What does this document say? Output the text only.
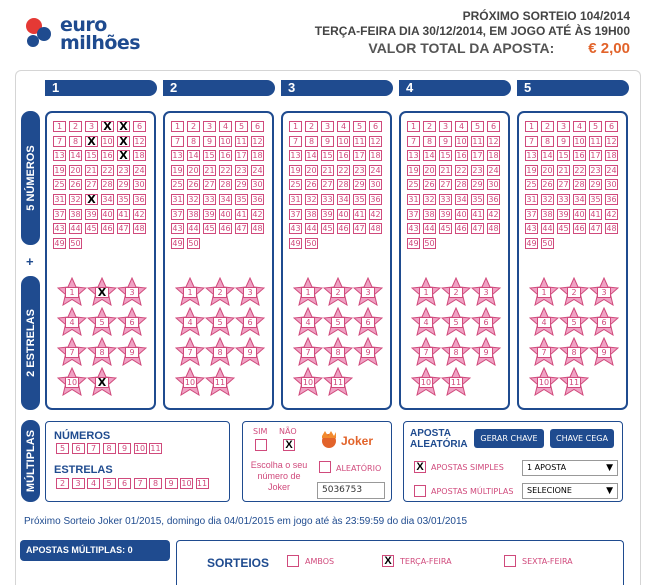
euro
milhões
PRÓXIMO SORTEIO 104/2014
TERÇA-FEIRA DIA 30/12/2014, EM JOGO ATÉ ÀS 19H00
VALOR TOTAL DA APOSTA: € 2,00
1	2	3	4	5
5 NÚMEROS
+
2 ESTRELAS
MÚLTIPLAS
1	2	3 X X	6
7	8 X 10 X 12
13 14 15 16 X 18
19 20 21 22 23 24
25 26 27 28 29 30
31 32 X 34 35 36
37 38 39 40 41 42
43 44 45 46 47 48
49 50
1	X	3
4	5	6
7	8	9
10 X
1	2	3	4	5	6
7	8	9	10 11 12
13 14 15 16 17 18
19 20 21 22 23 24
25 26 27 28 29 30
31 32 33 34 35 36
37 38 39 40 41 42
43 44 45 46 47 48
49 50
1	2	3
4	5	6
7	8	9
10 11
1	2	3	4	5	6
7	8	9	10 11 12
13 14 15 16 17 18
19 20 21 22 23 24
25 26 27 28 29 30
31 32 33 34 35 36
37 38 39 40 41 42
43 44 45 46 47 48
49 50
1	2	3
4	5	6
7	8	9
10 11
1	2	3	4	5	6
7	8	9	10 11 12
13 14 15 16 17 18
19 20 21 22 23 24
25 26 27 28 29 30
31 32 33 34 35 36
37 38 39 40 41 42
43 44 45 46 47 48
49 50
1	2	3
4	5	6
7	8	9
10 11
1	2	3	4	5	6
7	8	9	10 11 12
13 14 15 16 17 18
19 20 21 22 23 24
25 26 27 28 29 30
31 32 33 34 35 36
37 38 39 40 41 42
43 44 45 46 47 48
49 50
1	2	3
4	5	6
7	8	9
10 11
NÚMEROS
5	6	7	8	9 10 11
ESTRELAS
2	3	4	5	6	7	8	9 10 11
SIM NÃO
X	Joker
Escolha o seu número de Joker
ALEATÓRIO
5036753
APOSTA ALEATÓRIA
GERAR CHAVE	CHAVE CEGA
X APOSTAS SIMPLES	1 APOSTA	▼
APOSTAS MÚLTIPLAS	SELECIONE	▼
Próximo Sorteio Joker 01/2015, domingo dia 04/01/2015 em jogo até às 23:59:59 do dia 03/01/2015
APOSTAS MÚLTIPLAS: 0
SORTEIOS	AMBOS	X TERÇA-FEIRA	SEXTA-FEIRA
